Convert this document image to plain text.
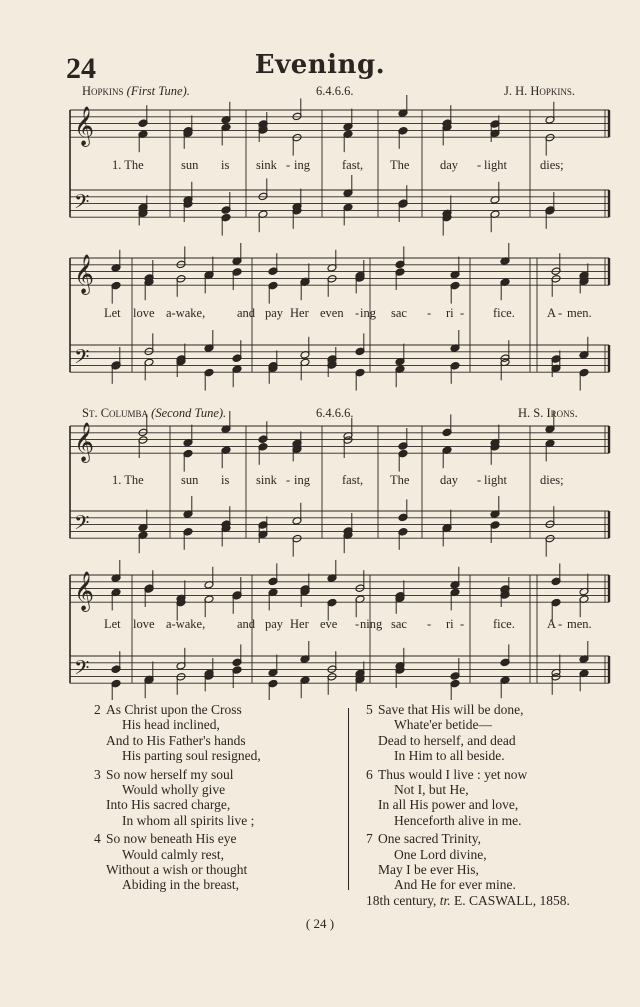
24	Evening.
Hopkins (First Tune).	6.4.6.6.	J. H. Hopkins.
St. Columba (Second Tune).	6.4.6.6.	H. S. Irons.
𝄞
𝄢
𝄞
𝄢
𝄞
𝄢
𝄞
𝄢
1. The	sun is sink - ing	fast, The day - light	dies;
Let love a-wake,	and pay Her even - ing sac - ri - fice.	A - men.
1. The	sun is sink - ing	fast, The day - light	dies;
Let love a-wake,	and pay Her eve - ning sac - ri - fice.	A - men.
2 As Christ upon the Cross
His head inclined,
And to His Father's hands
His parting soul resigned,
3 So now herself my soul
Would wholly give
Into His sacred charge,
In whom all spirits live ;
4 So now beneath His eye
Would calmly rest,
Without a wish or thought
Abiding in the breast,
5 Save that His will be done,
Whate'er betide—
Dead to herself, and dead
In Him to all beside.
6 Thus would I live : yet now
Not I, but He,
In all His power and love,
Henceforth alive in me.
7 One sacred Trinity,
One Lord divine,
May I be ever His,
And He for ever mine.
18th century, tr. E. CASWALL, 1858.
( 24 )
